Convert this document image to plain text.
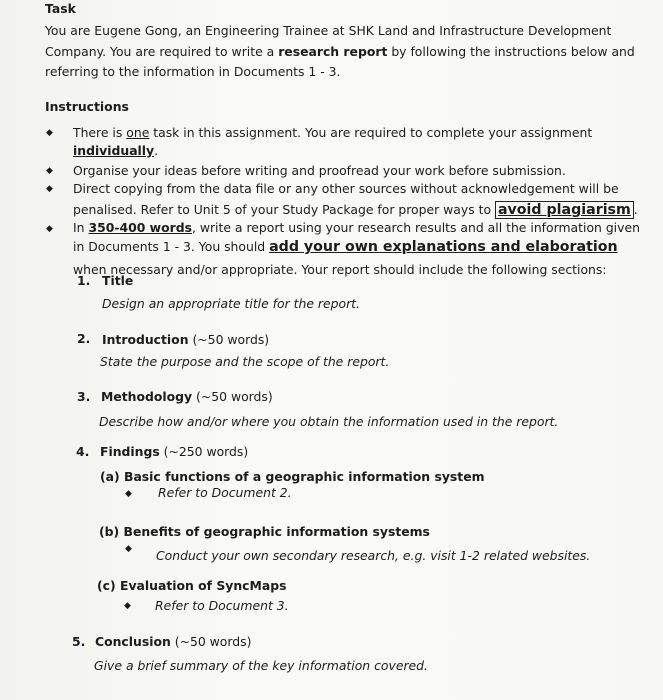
Task
You are Eugene Gong, an Engineering Trainee at SHK Land and Infrastructure Development
Company. You are required to write a research report by following the instructions below and
referring to the information in Documents 1 - 3.
Instructions
◆ There is one task in this assignment. You are required to complete your assignment
individually.
◆ Organise your ideas before writing and proofread your work before submission.
◆ Direct copying from the data file or any other sources without acknowledgement will be
penalised. Refer to Unit 5 of your Study Package for proper ways to avoid plagiarism .
◆ In 350-400 words, write a report using your research results and all the information given
in Documents 1 - 3. You should add your own explanations and elaboration
when necessary and/or appropriate. Your report should include the following sections:
1. Title
Design an appropriate title for the report.
2. Introduction (~50 words)
State the purpose and the scope of the report.
3. Methodology (~50 words)
Describe how and/or where you obtain the information used in the report.
4. Findings (~250 words)
(a) Basic functions of a geographic information system
◆ Refer to Document 2.
(b) Benefits of geographic information systems
◆ Conduct your own secondary research, e.g. visit 1-2 related websites.
(c) Evaluation of SyncMaps
◆ Refer to Document 3.
5. Conclusion (~50 words)
Give a brief summary of the key information covered.
